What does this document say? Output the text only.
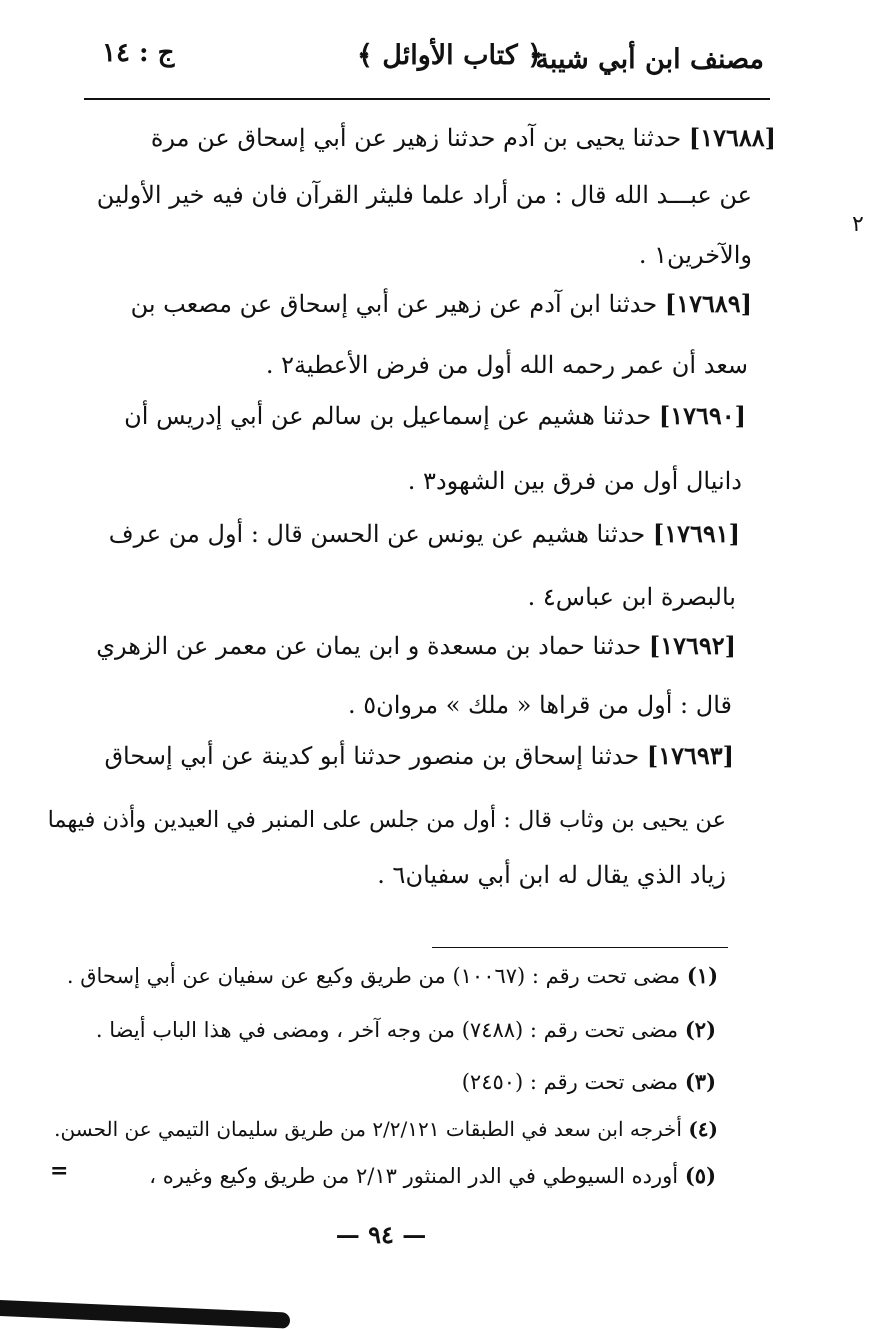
مصنف ابن أبي شيبة
﴿ كتاب الأوائل ﴾
ج : ١٤
٢
[١٧٦٨٨] حدثنا يحيى بن آدم حدثنا زهير عن أبي إسحاق عن مرة
عن عبـــد الله قال : من أراد علما فليثر القرآن فان فيه خير الأولين
والآخرين١ .
[١٧٦٨٩] حدثنا ابن آدم عن زهير عن أبي إسحاق عن مصعب بن
سعد أن عمر رحمه الله أول من فرض الأعطية٢ .
[١٧٦٩٠] حدثنا هشيم عن إسماعيل بن سالم عن أبي إدريس أن
دانيال أول من فرق بين الشهود٣ .
[١٧٦٩١] حدثنا هشيم عن يونس عن الحسن قال : أول من عرف
بالبصرة ابن عباس٤ .
[١٧٦٩٢] حدثنا حماد بن مسعدة و ابن يمان عن معمر عن الزهري
قال : أول من قراها « ملك » مروان٥ .
[١٧٦٩٣] حدثنا إسحاق بن منصور حدثنا أبو كدينة عن أبي إسحاق
عن يحيى بن وثاب قال : أول من جلس على المنبر في العيدين وأذن فيهما
زياد الذي يقال له ابن أبي سفيان٦ .
(١) مضى تحت رقم : (١٠٠٦٧) من طريق وكيع عن سفيان عن أبي إسحاق .
(٢) مضى تحت رقم : (٧٤٨٨) من وجه آخر ، ومضى في هذا الباب أيضا .
(٣) مضى تحت رقم : (٢٤٥٠)
(٤) أخرجه ابن سعد في الطبقات ٢/٢/١٢١ من طريق سليمان التيمي عن الحسن.
(٥) أورده السيوطي في الدر المنثور ٢/١٣ من طريق وكيع وغيره ،
=
— ٩٤ —
